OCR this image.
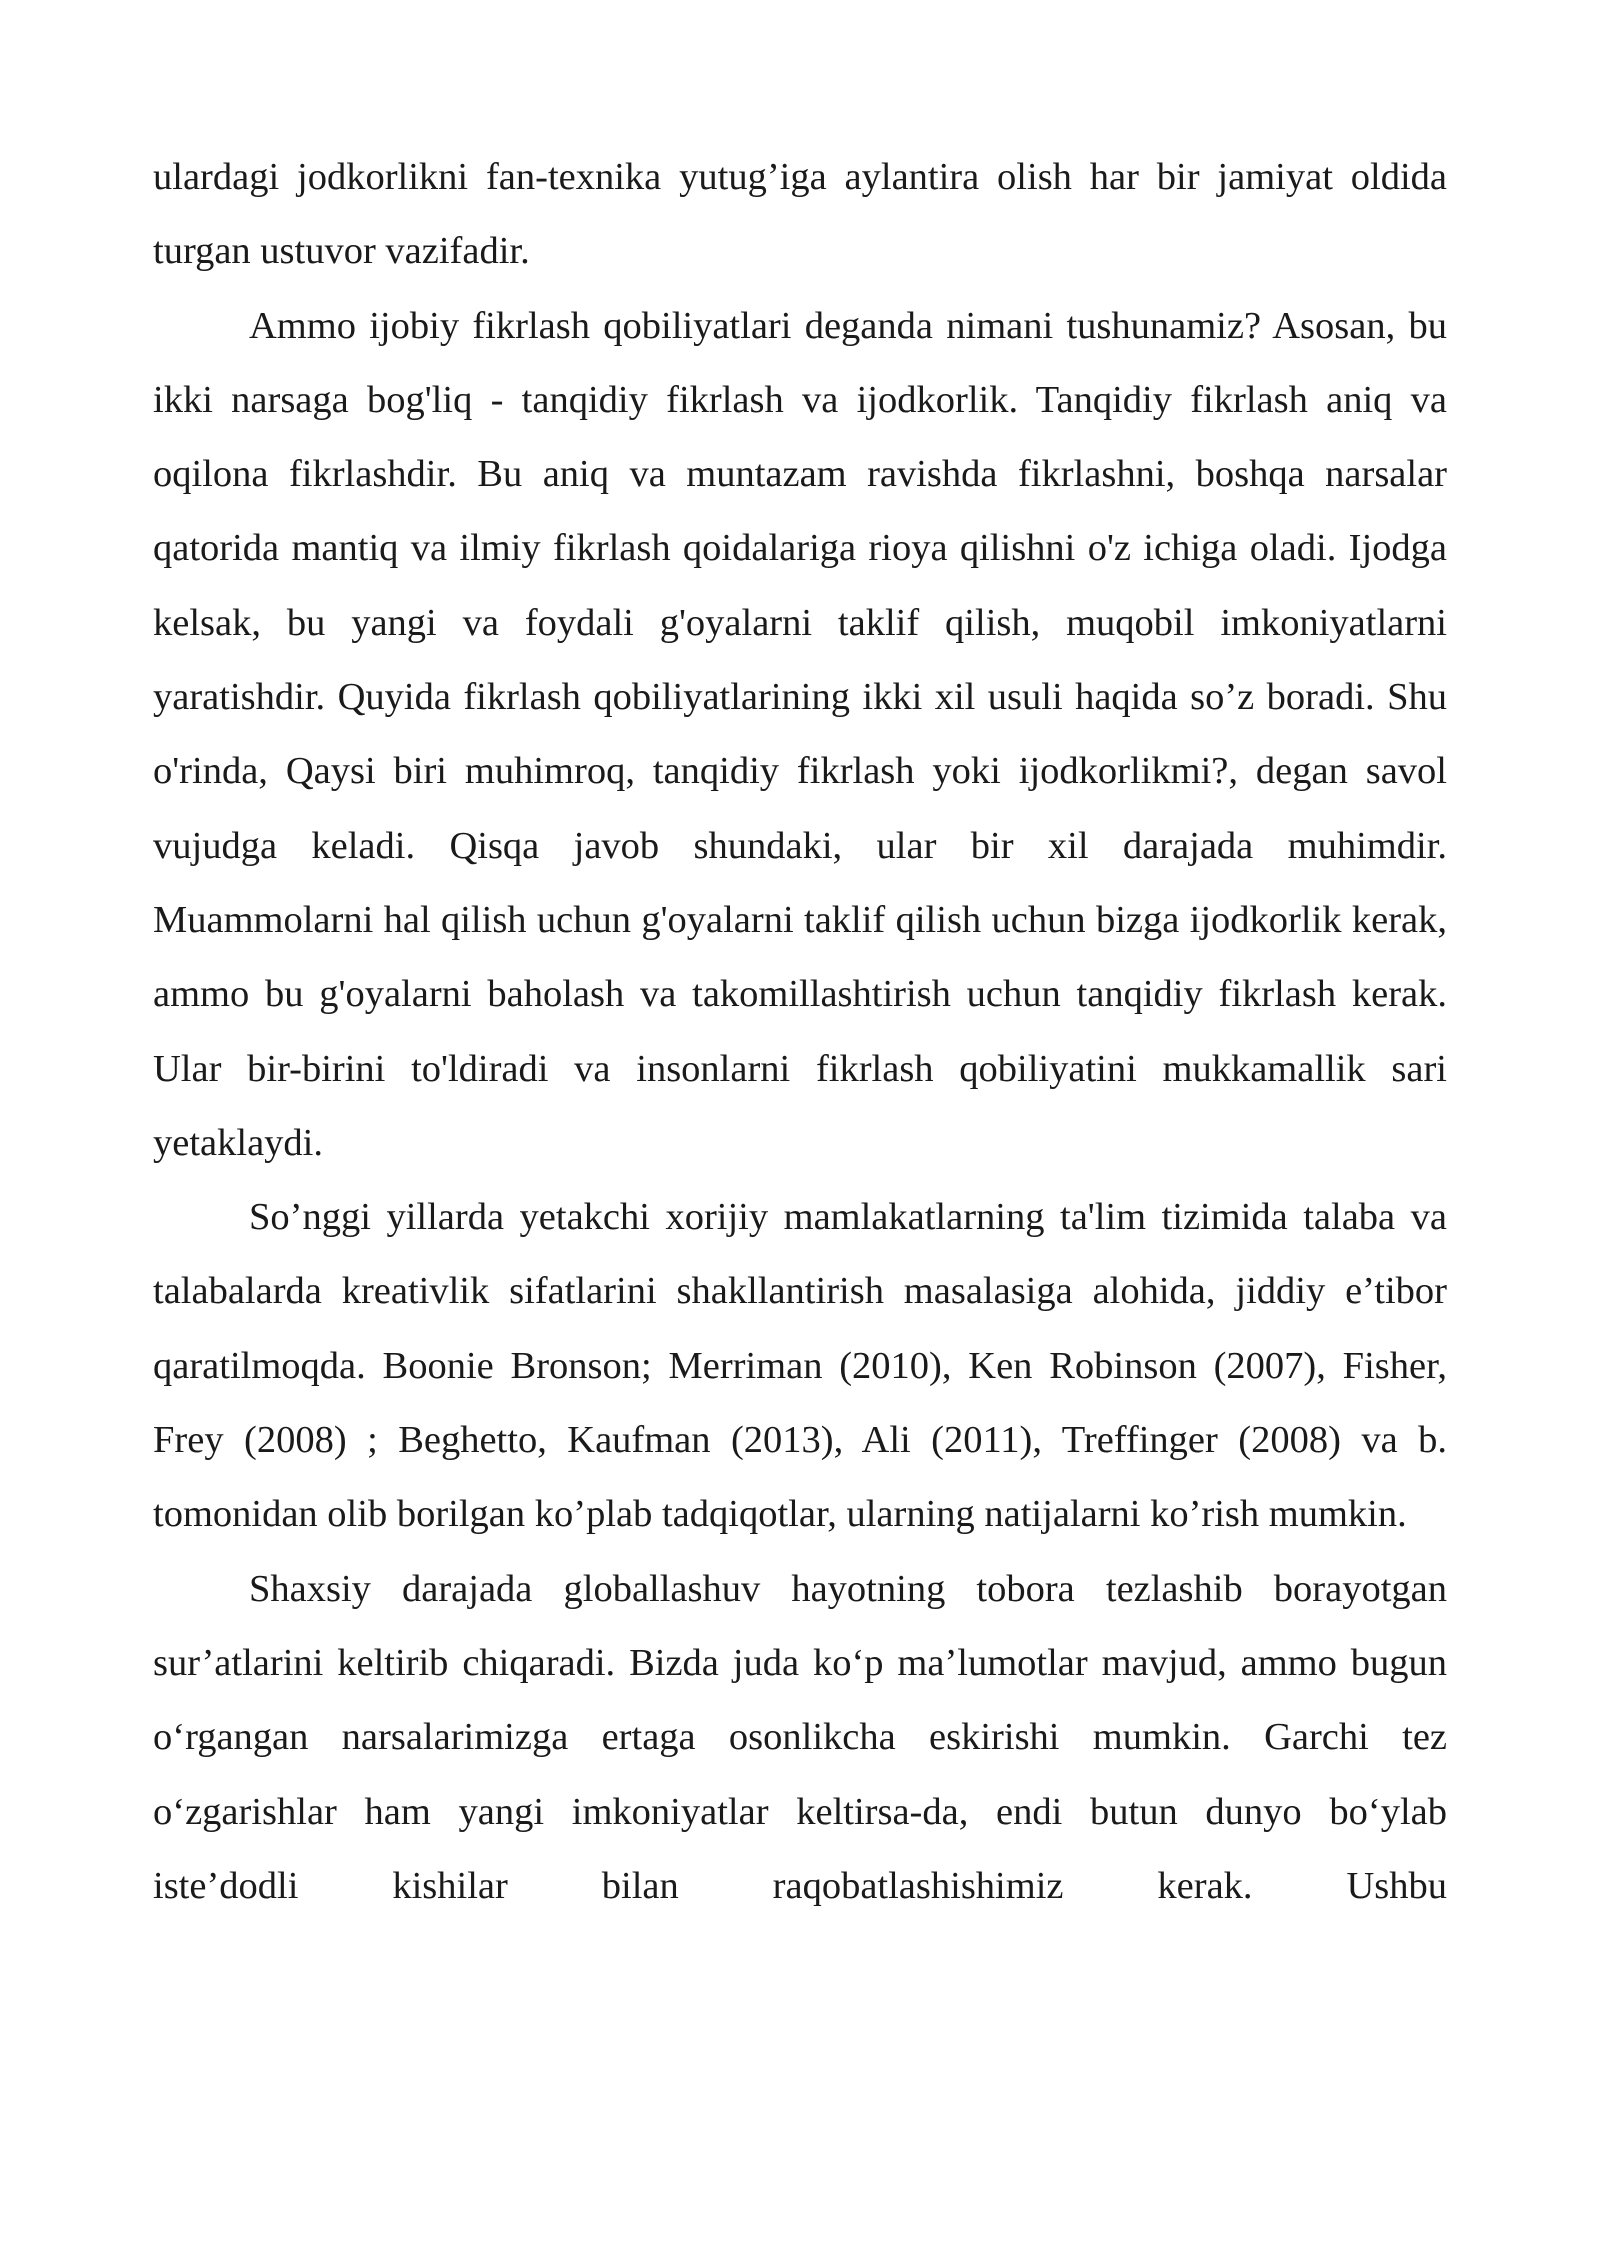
ulardagi jodkorlikni fan-texnika yutug’iga aylantira olish har bir jamiyat oldida turgan ustuvor vazifadir.

Ammo ijobiy fikrlash qobiliyatlari deganda nimani tushunamiz? Asosan, bu ikki narsaga bog'liq - tanqidiy fikrlash va ijodkorlik. Tanqidiy fikrlash aniq va oqilona fikrlashdir. Bu aniq va muntazam ravishda fikrlashni, boshqa narsalar qatorida mantiq va ilmiy fikrlash qoidalariga rioya qilishni o'z ichiga oladi. Ijodga kelsak, bu yangi va foydali g'oyalarni taklif qilish, muqobil imkoniyatlarni yaratishdir. Quyida fikrlash qobiliyatlarining ikki xil usuli haqida so’z boradi. Shu o'rinda, Qaysi biri muhimroq, tanqidiy fikrlash yoki ijodkorlikmi?, degan savol vujudga keladi. Qisqa javob shundaki, ular bir xil darajada muhimdir. Muammolarni hal qilish uchun g'oyalarni taklif qilish uchun bizga ijodkorlik kerak, ammo bu g'oyalarni baholash va takomillashtirish uchun tanqidiy fikrlash kerak. Ular bir-birini to'ldiradi va insonlarni fikrlash qobiliyatini mukkamallik sari yetaklaydi.

So’nggi yillarda yetakchi xorijiy mamlakatlarning ta'lim tizimida talaba va talabalarda kreativlik sifatlarini shakllantirish masalasiga alohida, jiddiy e’tibor qaratilmoqda. Boonie Bronson; Merriman (2010), Ken Robinson (2007), Fisher, Frey (2008) ; Beghetto, Kaufman (2013), Ali (2011), Treffinger (2008) va b. tomonidan olib borilgan ko’plab tadqiqotlar, ularning natijalarni ko’rish mumkin.

Shaxsiy darajada globallashuv hayotning tobora tezlashib borayotgan sur’atlarini keltirib chiqaradi. Bizda juda ko‘p ma’lumotlar mavjud, ammo bugun o‘rgangan narsalarimizga ertaga osonlikcha eskirishi mumkin. Garchi tez o‘zgarishlar ham yangi imkoniyatlar keltirsa-da, endi butun dunyo bo‘ylab iste’dodli kishilar bilan raqobatlashishimiz kerak. Ushbu
